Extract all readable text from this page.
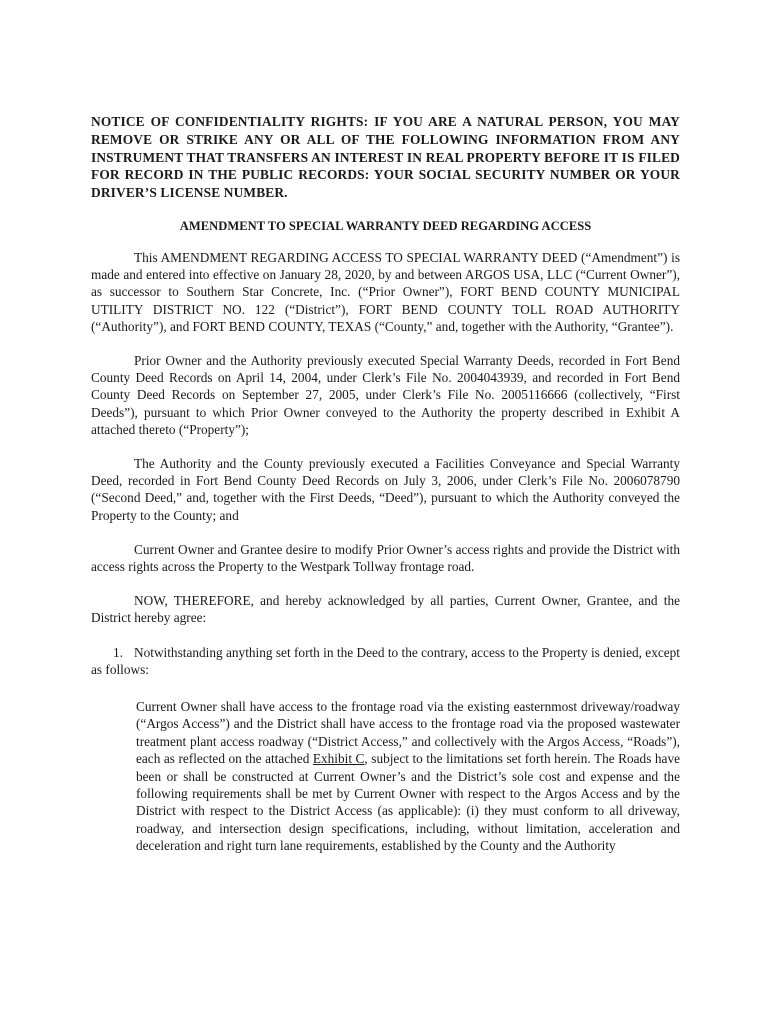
NOTICE OF CONFIDENTIALITY RIGHTS: IF YOU ARE A NATURAL PERSON, YOU MAY REMOVE OR STRIKE ANY OR ALL OF THE FOLLOWING INFORMATION FROM ANY INSTRUMENT THAT TRANSFERS AN INTEREST IN REAL PROPERTY BEFORE IT IS FILED FOR RECORD IN THE PUBLIC RECORDS: YOUR SOCIAL SECURITY NUMBER OR YOUR DRIVER’S LICENSE NUMBER.

AMENDMENT TO SPECIAL WARRANTY DEED REGARDING ACCESS

This AMENDMENT REGARDING ACCESS TO SPECIAL WARRANTY DEED (“Amendment”) is made and entered into effective on January 28, 2020, by and between ARGOS USA, LLC (“Current Owner”), as successor to Southern Star Concrete, Inc. (“Prior Owner”), FORT BEND COUNTY MUNICIPAL UTILITY DISTRICT NO. 122 (“District”), FORT BEND COUNTY TOLL ROAD AUTHORITY (“Authority”), and FORT BEND COUNTY, TEXAS (“County,” and, together with the Authority, “Grantee”).

Prior Owner and the Authority previously executed Special Warranty Deeds, recorded in Fort Bend County Deed Records on April 14, 2004, under Clerk’s File No. 2004043939, and recorded in Fort Bend County Deed Records on September 27, 2005, under Clerk’s File No. 2005116666 (collectively, “First Deeds”), pursuant to which Prior Owner conveyed to the Authority the property described in Exhibit A attached thereto (“Property”);

The Authority and the County previously executed a Facilities Conveyance and Special Warranty Deed, recorded in Fort Bend County Deed Records on July 3, 2006, under Clerk’s File No. 2006078790 (“Second Deed,” and, together with the First Deeds, “Deed”), pursuant to which the Authority conveyed the Property to the County; and

Current Owner and Grantee desire to modify Prior Owner’s access rights and provide the District with access rights across the Property to the Westpark Tollway frontage road.

NOW, THEREFORE, and hereby acknowledged by all parties, Current Owner, Grantee, and the District hereby agree:

1. Notwithstanding anything set forth in the Deed to the contrary, access to the Property is denied, except as follows:

Current Owner shall have access to the frontage road via the existing easternmost driveway/roadway (“Argos Access”) and the District shall have access to the frontage road via the proposed wastewater treatment plant access roadway (“District Access,” and collectively with the Argos Access, “Roads”), each as reflected on the attached Exhibit C, subject to the limitations set forth herein. The Roads have been or shall be constructed at Current Owner’s and the District’s sole cost and expense and the following requirements shall be met by Current Owner with respect to the Argos Access and by the District with respect to the District Access (as applicable): (i) they must conform to all driveway, roadway, and intersection design specifications, including, without limitation, acceleration and deceleration and right turn lane requirements, established by the County and the Authority
